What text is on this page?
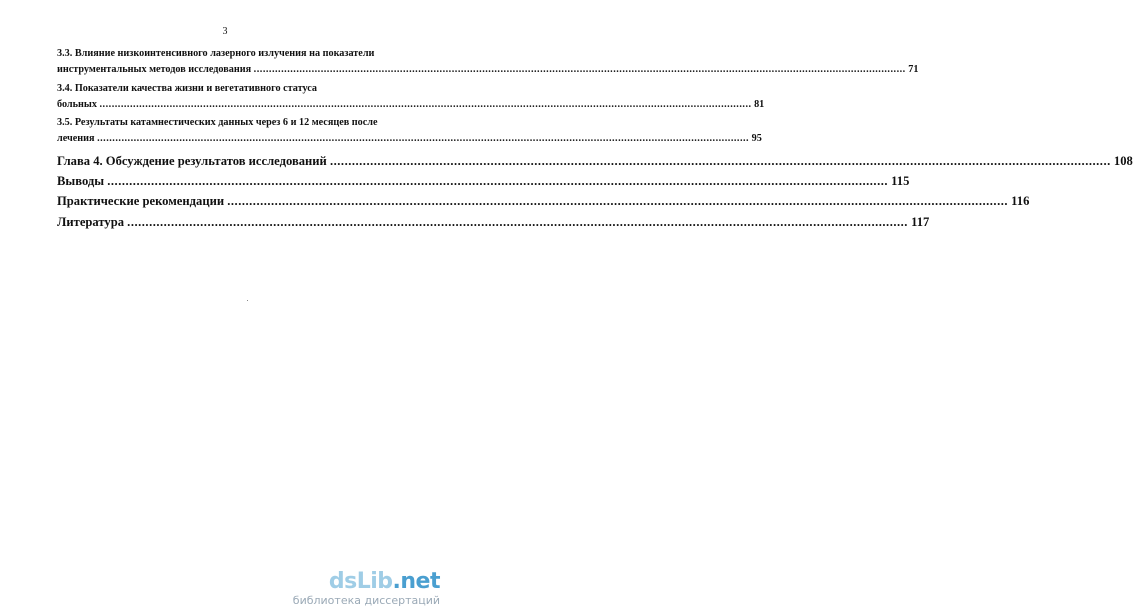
3
3.3. Влияние низкоинтенсивного лазерного излучения на показатели
инструментальных методов исследования .....	71
3.4. Показатели качества жизни и вегетативного статуса
больных .....	81
3.5. Результаты катамнестических данных через 6 и 12 месяцев после
лечения .....	95
Глава 4. Обсуждение результатов исследований .....	108
Выводы .....	115
Практические рекомендации .....	116
Литература .....	117
dsLib.net
библиотека диссертаций
